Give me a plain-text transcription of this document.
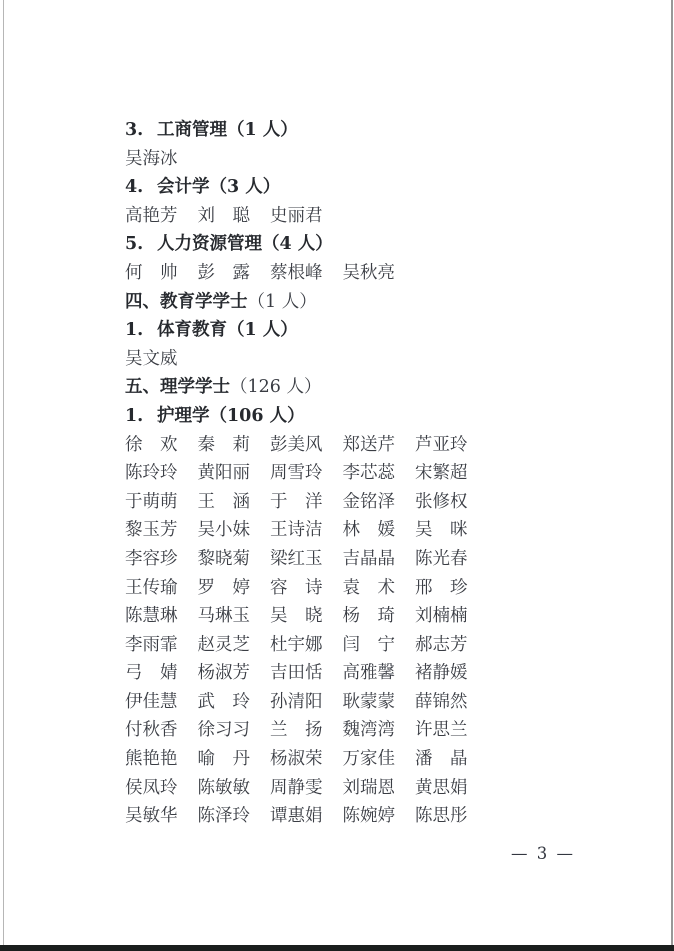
3. 工商管理（1 人）
吴海冰
4. 会计学（3 人）
高艳芳 刘　聪 史丽君
5. 人力资源管理（4 人）
何　帅 彭　露 蔡根峰 吴秋亮
四、教育学学士（1 人）
1. 体育教育（1 人）
吴文威
五、理学学士（126 人）
1. 护理学（106 人）
徐　欢 秦　莉 彭美风 郑送芹 芦亚玲
陈玲玲 黄阳丽 周雪玲 李芯蕊 宋繁超
于萌萌 王　涵 于　洋 金铭泽 张修权
黎玉芳 吴小妹 王诗洁 林　媛 吴　咪
李容珍 黎晓菊 梁红玉 吉晶晶 陈光春
王传瑜 罗　婷 容　诗 袁　术 邢　珍
陈慧琳 马琳玉 吴　晓 杨　琦 刘楠楠
李雨霏 赵灵芝 杜宇娜 闫　宁 郝志芳
弓　婧 杨淑芳 吉田恬 高雅馨 褚静媛
伊佳慧 武　玲 孙清阳 耿蒙蒙 薛锦然
付秋香 徐习习 兰　扬 魏湾湾 许思兰
熊艳艳 喻　丹 杨淑荣 万家佳 潘　晶
侯凤玲 陈敏敏 周静雯 刘瑞恩 黄思娟
吴敏华 陈泽玲 谭惠娟 陈婉婷 陈思彤
— 3 —
